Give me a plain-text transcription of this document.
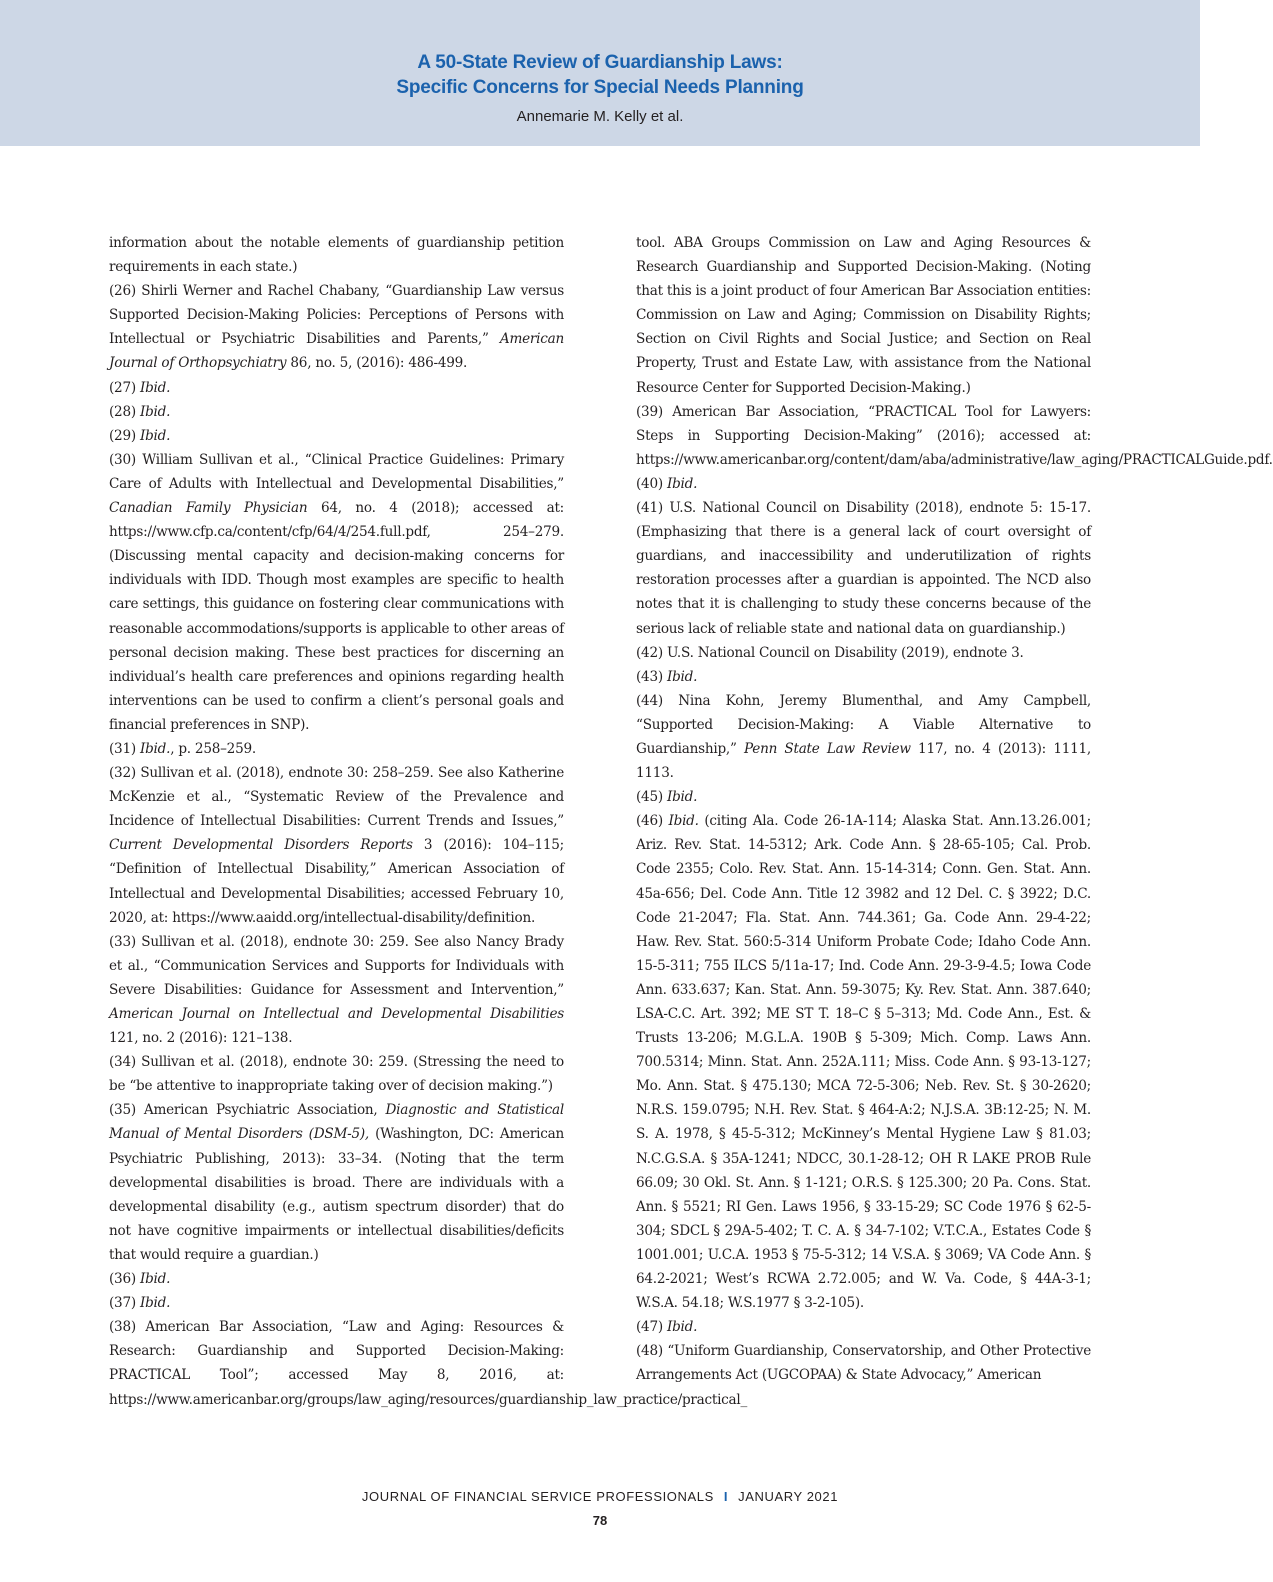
A 50-State Review of Guardianship Laws:
Specific Concerns for Special Needs Planning
Annemarie M. Kelly et al.

information about the notable elements of guardianship petition requirements in each state.)

(26) Shirli Werner and Rachel Chabany, “Guardianship Law versus Supported Decision-Making Policies: Perceptions of Persons with Intellectual or Psychiatric Disabilities and Parents,” American Journal of Orthopsychiatry 86, no. 5, (2016): 486-499.

(27) Ibid.

(28) Ibid.

(29) Ibid.

(30) William Sullivan et al., “Clinical Practice Guidelines: Primary Care of Adults with Intellectual and Developmental Disabilities,” Canadian Family Physician 64, no. 4 (2018); accessed at: https://www.cfp.ca/content/cfp/64/4/254.full.pdf, 254–279. (Discussing mental capacity and decision-making concerns for individuals with IDD. Though most examples are specific to health care settings, this guidance on fostering clear communications with reasonable accommodations/supports is applicable to other areas of personal decision making. These best practices for discerning an individual’s health care preferences and opinions regarding health interventions can be used to confirm a client’s personal goals and financial preferences in SNP).

(31) Ibid., p. 258–259.

(32) Sullivan et al. (2018), endnote 30: 258–259. See also Katherine McKenzie et al., “Systematic Review of the Prevalence and Incidence of Intellectual Disabilities: Current Trends and Issues,” Current Developmental Disorders Reports 3 (2016): 104–115; “Definition of Intellectual Disability,” American Association of Intellectual and Developmental Disabilities; accessed February 10, 2020, at: https://www.aaidd.org/intellectual-disability/definition.

(33) Sullivan et al. (2018), endnote 30: 259. See also Nancy Brady et al., “Communication Services and Supports for Individuals with Severe Disabilities: Guidance for Assessment and Intervention,” American Journal on Intellectual and Developmental Disabilities 121, no. 2 (2016): 121–138.

(34) Sullivan et al. (2018), endnote 30: 259. (Stressing the need to be “be attentive to inappropriate taking over of decision making.”)

(35) American Psychiatric Association, Diagnostic and Statistical Manual of Mental Disorders (DSM-5), (Washington, DC: American Psychiatric Publishing, 2013): 33–34. (Noting that the term developmental disabilities is broad. There are individuals with a developmental disability (e.g., autism spectrum disorder) that do not have cognitive impairments or intellectual disabilities/deficits that would require a guardian.)

(36) Ibid.

(37) Ibid.

(38) American Bar Association, “Law and Aging: Resources & Research: Guardianship and Supported Decision-Making: PRACTICAL Tool”; accessed May 8, 2016, at: https://www.americanbar.org/groups/law_aging/resources/guardianship_law_practice/practical_

tool. ABA Groups Commission on Law and Aging Resources & Research Guardianship and Supported Decision-Making. (Noting that this is a joint product of four American Bar Association entities: Commission on Law and Aging; Commission on Disability Rights; Section on Civil Rights and Social Justice; and Section on Real Property, Trust and Estate Law, with assistance from the National Resource Center for Supported Decision-Making.)

(39) American Bar Association, “PRACTICAL Tool for Lawyers: Steps in Supporting Decision-Making” (2016); accessed at: https://www.americanbar.org/content/dam/aba/administrative/law_aging/PRACTICALGuide.pdf.

(40) Ibid.

(41) U.S. National Council on Disability (2018), endnote 5: 15-17. (Emphasizing that there is a general lack of court oversight of guardians, and inaccessibility and underutilization of rights restoration processes after a guardian is appointed. The NCD also notes that it is challenging to study these concerns because of the serious lack of reliable state and national data on guardianship.)

(42) U.S. National Council on Disability (2019), endnote 3.

(43) Ibid.

(44) Nina Kohn, Jeremy Blumenthal, and Amy Campbell, “Supported Decision-Making: A Viable Alternative to Guardianship,” Penn State Law Review 117, no. 4 (2013): 1111, 1113.

(45) Ibid.

(46) Ibid. (citing Ala. Code 26-1A-114; Alaska Stat. Ann.13.26.001; Ariz. Rev. Stat. 14-5312; Ark. Code Ann. § 28-65-105; Cal. Prob. Code 2355; Colo. Rev. Stat. Ann. 15-14-314; Conn. Gen. Stat. Ann. 45a-656; Del. Code Ann. Title 12 3982 and 12 Del. C. § 3922; D.C. Code 21-2047; Fla. Stat. Ann. 744.361; Ga. Code Ann. 29-4-22; Haw. Rev. Stat. 560:5-314 Uniform Probate Code; Idaho Code Ann. 15-5-311; 755 ILCS 5/11a-17; Ind. Code Ann. 29-3-9-4.5; Iowa Code Ann. 633.637; Kan. Stat. Ann. 59-3075; Ky. Rev. Stat. Ann. 387.640; LSA-C.C. Art. 392; ME ST T. 18–C § 5–313; Md. Code Ann., Est. & Trusts 13-206; M.G.L.A. 190B § 5-309; Mich. Comp. Laws Ann. 700.5314; Minn. Stat. Ann. 252A.111; Miss. Code Ann. § 93-13-127; Mo. Ann. Stat. § 475.130; MCA 72-5-306; Neb. Rev. St. § 30-2620; N.R.S. 159.0795; N.H. Rev. Stat. § 464-A:2; N.J.S.A. 3B:12-25; N. M. S. A. 1978, § 45-5-312; McKinney’s Mental Hygiene Law § 81.03; N.C.G.S.A. § 35A-1241; NDCC, 30.1-28-12; OH R LAKE PROB Rule 66.09; 30 Okl. St. Ann. § 1-121; O.R.S. § 125.300; 20 Pa. Cons. Stat. Ann. § 5521; RI Gen. Laws 1956, § 33-15-29; SC Code 1976 § 62-5-304; SDCL § 29A-5-402; T. C. A. § 34-7-102; V.T.C.A., Estates Code § 1001.001; U.C.A. 1953 § 75-5-312; 14 V.S.A. § 3069; VA Code Ann. § 64.2-2021; West’s RCWA 2.72.005; and W. Va. Code, § 44A-3-1; W.S.A. 54.18; W.S.1977 § 3-2-105).

(47) Ibid.

(48) “Uniform Guardianship, Conservatorship, and Other Protective Arrangements Act (UGCOPAA) & State Advocacy,” American

JOURNAL OF FINANCIAL SERVICE PROFESSIONALS I JANUARY 2021
78
